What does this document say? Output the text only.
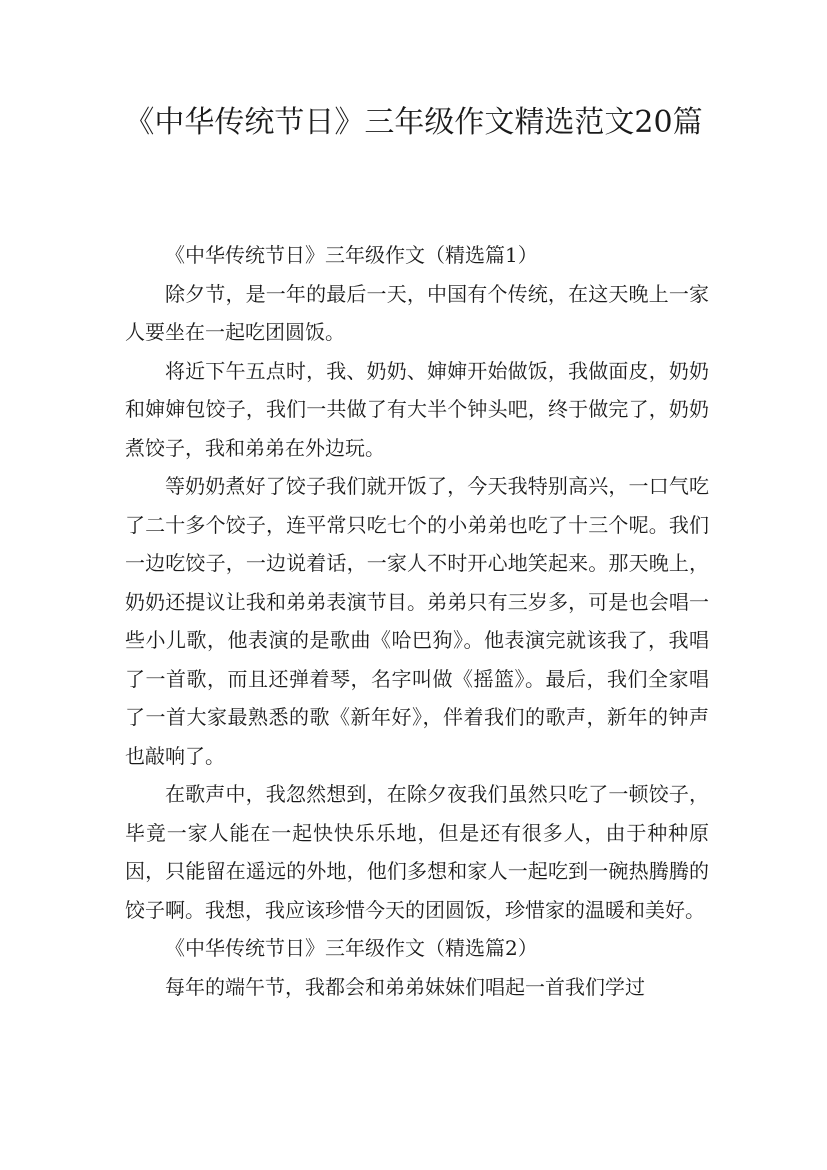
《中华传统节日》三年级作文精选范文20篇

《中华传统节日》三年级作文（精选篇1）

除夕节，是一年的最后一天，中国有个传统，在这天晚上一家人要坐在一起吃团圆饭。

将近下午五点时，我、奶奶、婶婶开始做饭，我做面皮，奶奶和婶婶包饺子，我们一共做了有大半个钟头吧，终于做完了，奶奶煮饺子，我和弟弟在外边玩。

等奶奶煮好了饺子我们就开饭了，今天我特别高兴，一口气吃了二十多个饺子，连平常只吃七个的小弟弟也吃了十三个呢。我们一边吃饺子，一边说着话，一家人不时开心地笑起来。那天晚上，奶奶还提议让我和弟弟表演节目。弟弟只有三岁多，可是也会唱一些小儿歌，他表演的是歌曲《哈巴狗》。他表演完就该我了，我唱了一首歌，而且还弹着琴，名字叫做《摇篮》。最后，我们全家唱了一首大家最熟悉的歌《新年好》，伴着我们的歌声，新年的钟声也敲响了。

在歌声中，我忽然想到，在除夕夜我们虽然只吃了一顿饺子，毕竟一家人能在一起快快乐乐地，但是还有很多人，由于种种原因，只能留在遥远的外地，他们多想和家人一起吃到一碗热腾腾的饺子啊。我想，我应该珍惜今天的团圆饭，珍惜家的温暖和美好。

《中华传统节日》三年级作文（精选篇2）

每年的端午节，我都会和弟弟妹妹们唱起一首我们学过
